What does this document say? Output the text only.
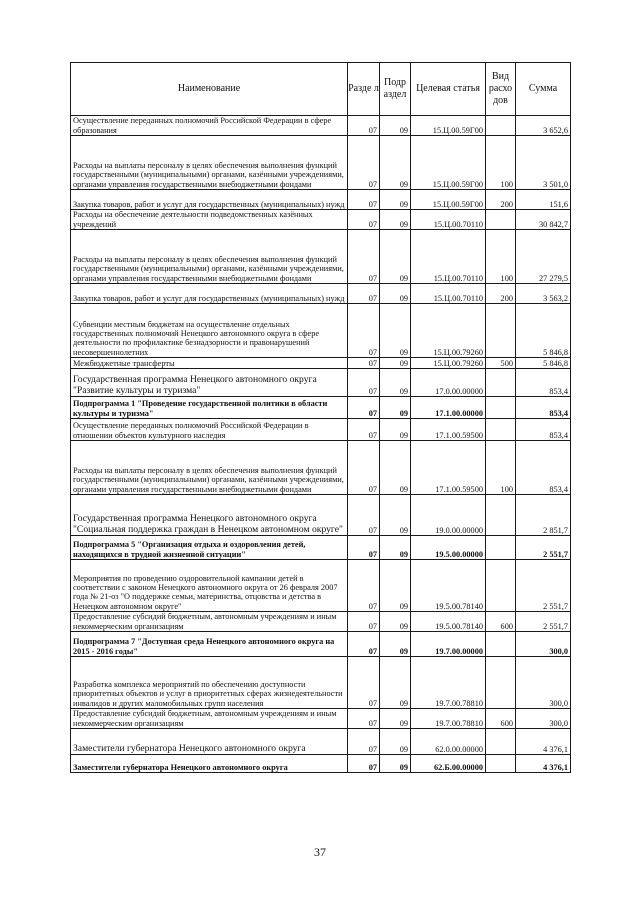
Наименование	Разде л	Подр аздел	Целевая статья	Вид расхо дов	Сумма
Осуществление переданных полномочий Российской Федерации в сфере образования	07	09	15.Ц.00.59Г00		3 652,6
Расходы на выплаты персоналу в целях обеспечения выполнения функций государственными (муниципальными) органами, казёнными учреждениями, органами управления государственными внебюджетными фондами	07	09	15.Ц.00.59Г00	100	3 501,0
Закупка товаров, работ и услуг для государственных (муниципальных) нужд	07	09	15.Ц.00.59Г00	200	151,6
Расходы на обеспечение деятельности подведомственных казённых учреждений	07	09	15.Ц.00.70110		30 842,7
Расходы на выплаты персоналу в целях обеспечения выполнения функций государственными (муниципальными) органами, казёнными учреждениями, органами управления государственными внебюджетными фондами	07	09	15.Ц.00.70110	100	27 279,5
Закупка товаров, работ и услуг для государственных (муниципальных) нужд	07	09	15.Ц.00.70110	200	3 563,2
Субвенции местным бюджетам на осуществление отдельных государственных полномочий Ненецкого автономного округа в сфере деятельности по профилактике безнадзорности и правонарушений несовершеннолетних	07	09	15.Ц.00.79260		5 846,8
Межбюджетные трансферты	07	09	15.Ц.00.79260	500	5 846,8
Государственная программа Ненецкого автономного округа "Развитие культуры и туризма"	07	09	17.0.00.00000		853,4
Подпрограмма 1 "Проведение государственной политики в области культуры и туризма"	07	09	17.1.00.00000		853,4
Осуществление переданных полномочий Российской Федерации в отношении объектов культурного наследия	07	09	17.1.00.59500		853,4
Расходы на выплаты персоналу в целях обеспечения выполнения функций государственными (муниципальными) органами, казёнными учреждениями, органами управления государственными внебюджетными фондами	07	09	17.1.00.59500	100	853,4
Государственная программа Ненецкого автономного округа "Социальная поддержка граждан в Ненецком автономном округе"	07	09	19.0.00.00000		2 851,7
Подпрограмма 5 "Организация отдыха и оздоровления детей, находящихся в трудной жизненной ситуации"	07	09	19.5.00.00000		2 551,7
Мероприятия по проведению оздоровительной кампании детей в соответствии с законом Ненецкого автономного округа от 26 февраля 2007 года № 21-оз "О поддержке семьи, материнства, отцовства и детства в Ненецком автономном округе"	07	09	19.5.00.78140		2 551,7
Предоставление субсидий бюджетным, автономным учреждениям и иным некоммерческим организациям	07	09	19.5.00.78140	600	2 551,7
Подпрограмма 7 "Доступная среда Ненецкого автономного округа на 2015 - 2016 годы"	07	09	19.7.00.00000		300,0
Разработка комплекса мероприятий по обеспечению доступности приоритетных объектов и услуг в приоритетных сферах жизнедеятельности инвалидов и других маломобильных групп населения	07	09	19.7.00.78810		300,0
Предоставление субсидий бюджетным, автономным учреждениям и иным некоммерческим организациям	07	09	19.7.00.78810	600	300,0
Заместители губернатора Ненецкого автономного округа	07	09	62.0.00.00000		4 376,1
Заместители губернатора Ненецкого автономного округа	07	09	62.Б.00.00000		4 376,1
37
